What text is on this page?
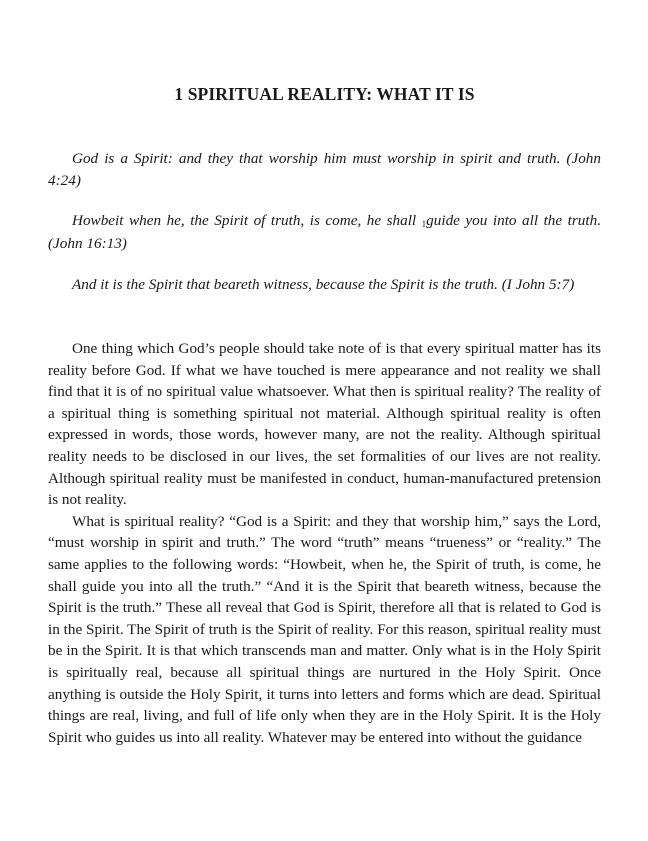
1 SPIRITUAL REALITY: WHAT IT IS

God is a Spirit: and they that worship him must worship in spirit and truth. (John 4:24)

Howbeit when he, the Spirit of truth, is come, he shall 1guide you into all the truth. (John 16:13)

And it is the Spirit that beareth witness, because the Spirit is the truth. (I John 5:7)

One thing which God’s people should take note of is that every spiritual matter has its reality before God. If what we have touched is mere appearance and not reality we shall find that it is of no spiritual value whatsoever. What then is spiritual reality? The reality of a spiritual thing is something spiritual not material. Although spiritual reality is often expressed in words, those words, however many, are not the reality. Although spiritual reality needs to be disclosed in our lives, the set formalities of our lives are not reality. Although spiritual reality must be manifested in conduct, human-manufactured pretension is not reality.

What is spiritual reality? “God is a Spirit: and they that worship him,” says the Lord, “must worship in spirit and truth.” The word “truth” means “trueness” or “reality.” The same applies to the following words: “Howbeit, when he, the Spirit of truth, is come, he shall guide you into all the truth.” “And it is the Spirit that beareth witness, because the Spirit is the truth.” These all reveal that God is Spirit, therefore all that is related to God is in the Spirit. The Spirit of truth is the Spirit of reality. For this reason, spiritual reality must be in the Spirit. It is that which transcends man and matter. Only what is in the Holy Spirit is spiritually real, because all spiritual things are nurtured in the Holy Spirit. Once anything is outside the Holy Spirit, it turns into letters and forms which are dead. Spiritual things are real, living, and full of life only when they are in the Holy Spirit. It is the Holy Spirit who guides us into all reality. Whatever may be entered into without the guidance
